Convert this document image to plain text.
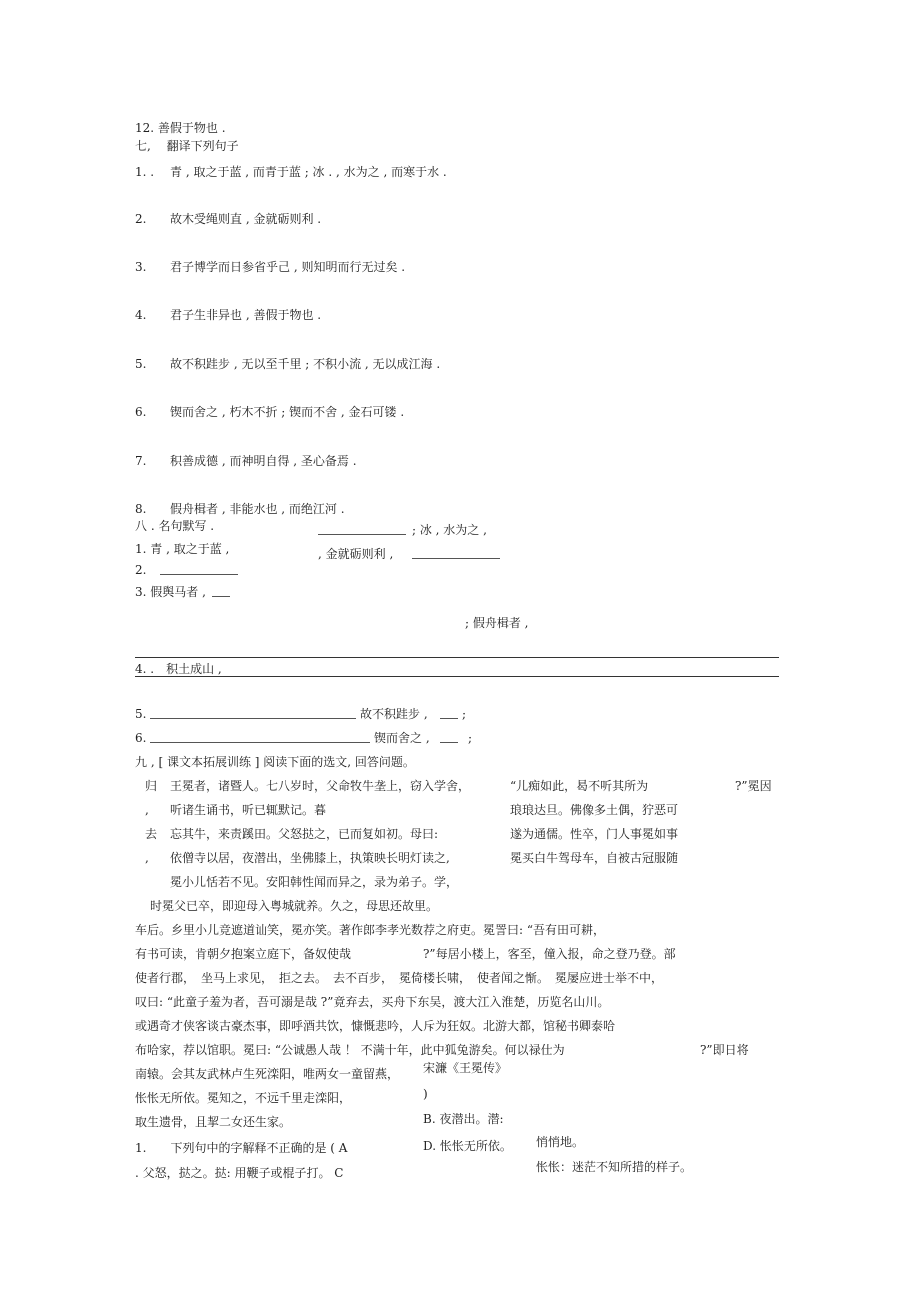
12. 善假于物也 .
七,　 翻译下列句子
1. . 青 , 取之于蓝 , 而青于蓝 ; 冰 . , 水为之 , 而寒于水 .
2. 故木受绳则直 , 金就砺则利 .
3. 君子博学而日参省乎己 , 则知明而行无过矣 .
4. 君子生非异也 , 善假于物也 .
5. 故不积跬步 , 无以至千里 ; 不积小流 , 无以成江海 .
6. 锲而舍之 , 朽木不折 ; 锲而不舍 , 金石可镂 .
7. 积善成德 , 而神明自得 , 圣心备焉 .
8. 假舟楫者 , 非能水也 , 而绝江河 .
八 . 名句默写 .	; 冰 , 水为之 ,
1. 青 , 取之于蓝 ,	, 金就砺则利 ,
2.
3. 假舆马者 ,
; 假舟楫者 ,
4. .　积土成山 ,
5.	故不积跬步 ,	;
6.	锲而舍之 ,	;
九 , [ 课文本拓展训练 ] 阅读下面的选文, 回答问题。
归
,
去
,
王冕者，诸暨人。七八岁时，父命牧牛垄上，窃入学舍，
听诸生诵书，听已辄默记。暮
忘其牛，来责蹊田。父怒挞之，已而复如初。母曰:
依僧寺以居，夜潜出，坐佛膝上，执策映长明灯读之,
“儿痴如此，曷不听其所为
琅琅达旦。佛像多土偶，狞恶可
遂为通儒。性卒，门人事冕如事
冕买白牛驾母车，自被古冠服随
?”冕因
冕小儿恬若不见。安阳韩性闻而异之，录为弟子。学，
时冕父已卒，即迎母入粤城就养。久之，母思还故里。
车后。乡里小儿竞遮道讪笑，冕亦笑。著作郎李孝光数荐之府吏。冕詈曰: “吾有田可耕，
有书可读，肯朝夕抱案立庭下，备奴使哉	?”每居小楼上，客至，僮入报，命之登乃登。部
使者行郡，　坐马上求见，　拒之去。　去不百步，　冕倚楼长啸，　使者闻之惭。　冕屡应进士举不中，
叹曰: “此童子羞为者，吾可溺是哉 ?”竟弃去，买舟下东吴，渡大江入淮楚，历览名山川。
或遇奇才侠客谈古豪杰事，即呼酒共饮，慷慨悲吟，人斥为狂奴。北游大都，馆秘书卿泰哈
布哈家，荐以馆职。冕曰: “公诚愚人哉 ！ 不满十年，此中狐兔游矣。何以禄仕为	?”即日将
南辕。会其友武林卢生死滦阳，唯两女一童留燕， 宋濂《王冕传》
)
怅怅无所依。冕知之，不远千里走滦阳，
取生遗骨，且挈二女还生家。	B. 夜潜出。潜:
1.　　下列句中的字解释不正确的是 ( A	D. 怅怅无所依。 悄悄地。
怅怅：迷茫不知所措的样子。
. 父怒，挞之。挞: 用鞭子或棍子打。 C
